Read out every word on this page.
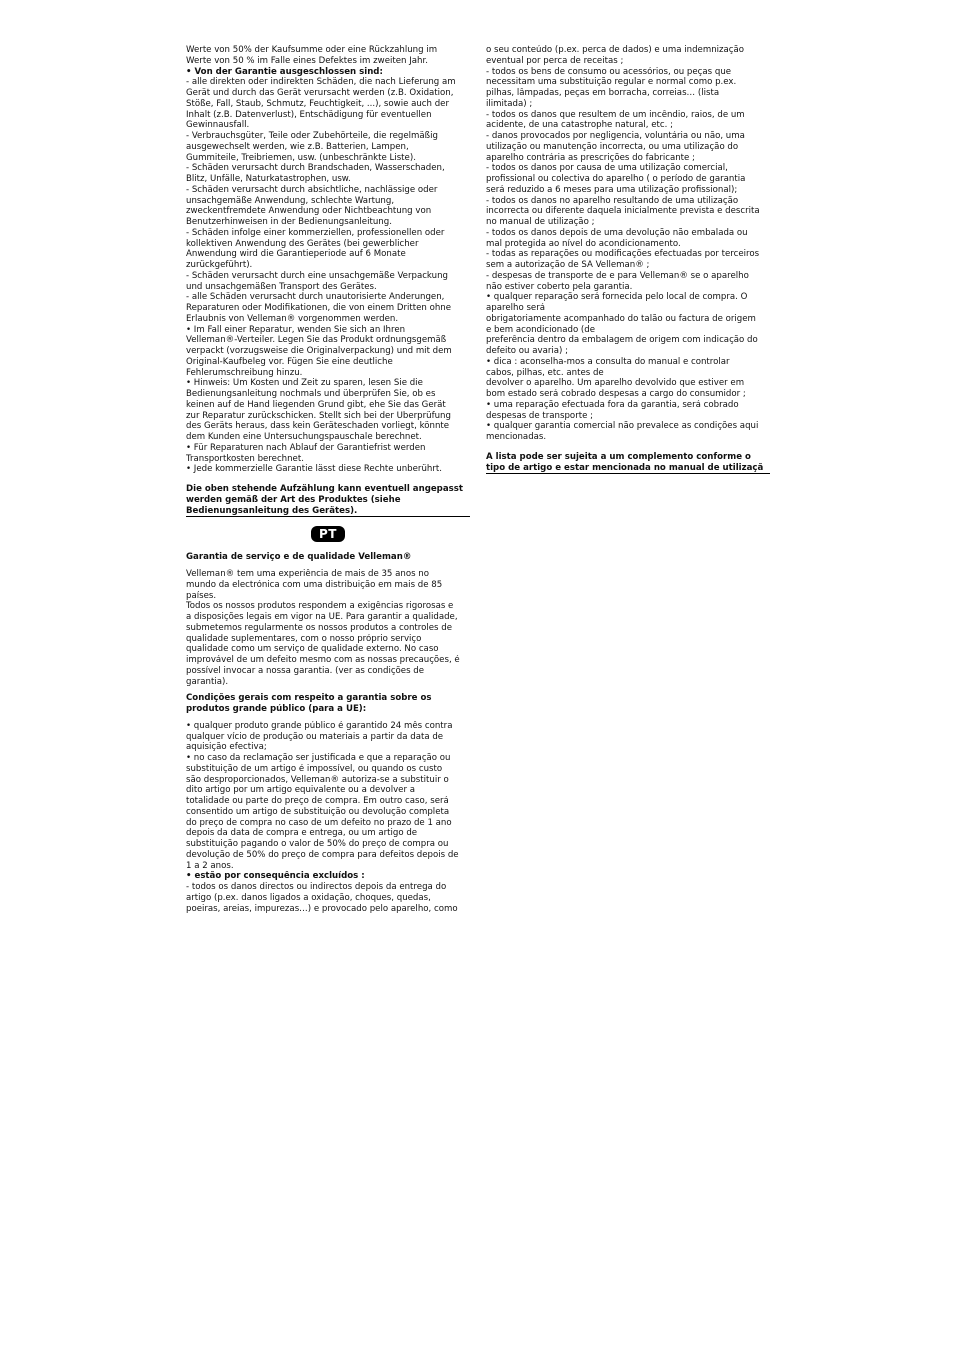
Werte von 50% der Kaufsumme oder eine Rückzahlung im
Werte von 50 % im Falle eines Defektes im zweiten Jahr.
• Von der Garantie ausgeschlossen sind:
- alle direkten oder indirekten Schäden, die nach Lieferung am
Gerät und durch das Gerät verursacht werden (z.B. Oxidation,
Stöße, Fall, Staub, Schmutz, Feuchtigkeit, ...), sowie auch der
Inhalt (z.B. Datenverlust), Entschädigung für eventuellen
Gewinnausfall.
- Verbrauchsgüter, Teile oder Zubehörteile, die regelmäßig
ausgewechselt werden, wie z.B. Batterien, Lampen,
Gummiteile, Treibriemen, usw. (unbeschränkte Liste).
- Schäden verursacht durch Brandschaden, Wasserschaden,
Blitz, Unfälle, Naturkatastrophen, usw.
- Schäden verursacht durch absichtliche, nachlässige oder
unsachgemäße Anwendung, schlechte Wartung,
zweckentfremdete Anwendung oder Nichtbeachtung von
Benutzerhinweisen in der Bedienungsanleitung.
- Schäden infolge einer kommerziellen, professionellen oder
kollektiven Anwendung des Gerätes (bei gewerblicher
Anwendung wird die Garantieperiode auf 6 Monate
zurückgeführt).
- Schäden verursacht durch eine unsachgemäße Verpackung
und unsachgemäßen Transport des Gerätes.
- alle Schäden verursacht durch unautorisierte Änderungen,
Reparaturen oder Modifikationen, die von einem Dritten ohne
Erlaubnis von Velleman® vorgenommen werden.
• Im Fall einer Reparatur, wenden Sie sich an Ihren
Velleman®-Verteiler. Legen Sie das Produkt ordnungsgemäß
verpackt (vorzugsweise die Originalverpackung) und mit dem
Original-Kaufbeleg vor. Fügen Sie eine deutliche
Fehlerumschreibung hinzu.
• Hinweis: Um Kosten und Zeit zu sparen, lesen Sie die
Bedienungsanleitung nochmals und überprüfen Sie, ob es
keinen auf de Hand liegenden Grund gibt, ehe Sie das Gerät
zur Reparatur zurückschicken. Stellt sich bei der Überprüfung
des Geräts heraus, dass kein Geräteschaden vorliegt, könnte
dem Kunden eine Untersuchungspauschale berechnet.
• Für Reparaturen nach Ablauf der Garantiefrist werden
Transportkosten berechnet.
• Jede kommerzielle Garantie lässt diese Rechte unberührt.
Die oben stehende Aufzählung kann eventuell angepasst
werden gemäß der Art des Produktes (siehe
Bedienungsanleitung des Gerätes).
PT
Garantia de serviço e de qualidade Velleman®
Velleman® tem uma experiência de mais de 35 anos no
mundo da electrónica com uma distribuição em mais de 85
países.
Todos os nossos produtos respondem a exigências rigorosas e
a disposições legais em vigor na UE. Para garantir a qualidade,
submetemos regularmente os nossos produtos a controles de
qualidade suplementares, com o nosso próprio serviço
qualidade como um serviço de qualidade externo. No caso
improvável de um defeito mesmo com as nossas precauções, é
possível invocar a nossa garantia. (ver as condições de
garantia).
Condições gerais com respeito a garantia sobre os
produtos grande público (para a UE):
• qualquer produto grande público é garantido 24 mês contra
qualquer vício de produção ou materiais a partir da data de
aquisição efectiva;
• no caso da reclamação ser justificada e que a reparação ou
substituição de um artigo é impossível, ou quando os custo
são desproporcionados, Velleman® autoriza-se a substituir o
dito artigo por um artigo equivalente ou a devolver a
totalidade ou parte do preço de compra. Em outro caso, será
consentido um artigo de substituição ou devolução completa
do preço de compra no caso de um defeito no prazo de 1 ano
depois da data de compra e entrega, ou um artigo de
substituição pagando o valor de 50% do preço de compra ou
devolução de 50% do preço de compra para defeitos depois de
1 a 2 anos.
• estão por consequência excluídos :
- todos os danos directos ou indirectos depois da entrega do
artigo (p.ex. danos ligados a oxidação, choques, quedas,
poeiras, areias, impurezas…) e provocado pelo aparelho, como
o seu conteúdo (p.ex. perca de dados) e uma indemnização
eventual por perca de receitas ;
- todos os bens de consumo ou acessórios, ou peças que
necessitam uma substituição regular e normal como p.ex.
pilhas, lâmpadas, peças em borracha, correias… (lista
ilimitada) ;
- todos os danos que resultem de um incêndio, raios, de um
acidente, de una catastrophe natural, etc. ;
- danos provocados por negligencia, voluntária ou não, uma
utilização ou manutenção incorrecta, ou uma utilização do
aparelho contrária as prescrições do fabricante ;
- todos os danos por causa de uma utilização comercial,
profissional ou colectiva do aparelho ( o período de garantia
será reduzido a 6 meses para uma utilização profissional);
- todos os danos no aparelho resultando de uma utilização
incorrecta ou diferente daquela inicialmente prevista e descrita
no manual de utilização ;
- todos os danos depois de uma devolução não embalada ou
mal protegida ao nível do acondicionamento.
- todas as reparações ou modificações efectuadas por terceiros
sem a autorização de SA Velleman® ;
- despesas de transporte de e para Velleman® se o aparelho
não estiver coberto pela garantia.
• qualquer reparação será fornecida pelo local de compra. O
aparelho será
obrigatoriamente acompanhado do talão ou factura de origem
e bem acondicionado (de
preferência dentro da embalagem de origem com indicação do
defeito ou avaria) ;
• dica : aconselha-mos a consulta do manual e controlar
cabos, pilhas, etc. antes de
devolver o aparelho. Um aparelho devolvido que estiver em
bom estado será cobrado despesas a cargo do consumidor ;
• uma reparação efectuada fora da garantia, será cobrado
despesas de transporte ;
• qualquer garantia comercial não prevalece as condições aqui
mencionadas.
A lista pode ser sujeita a um complemento conforme o
tipo de artigo e estar mencionada no manual de utilizaçã
